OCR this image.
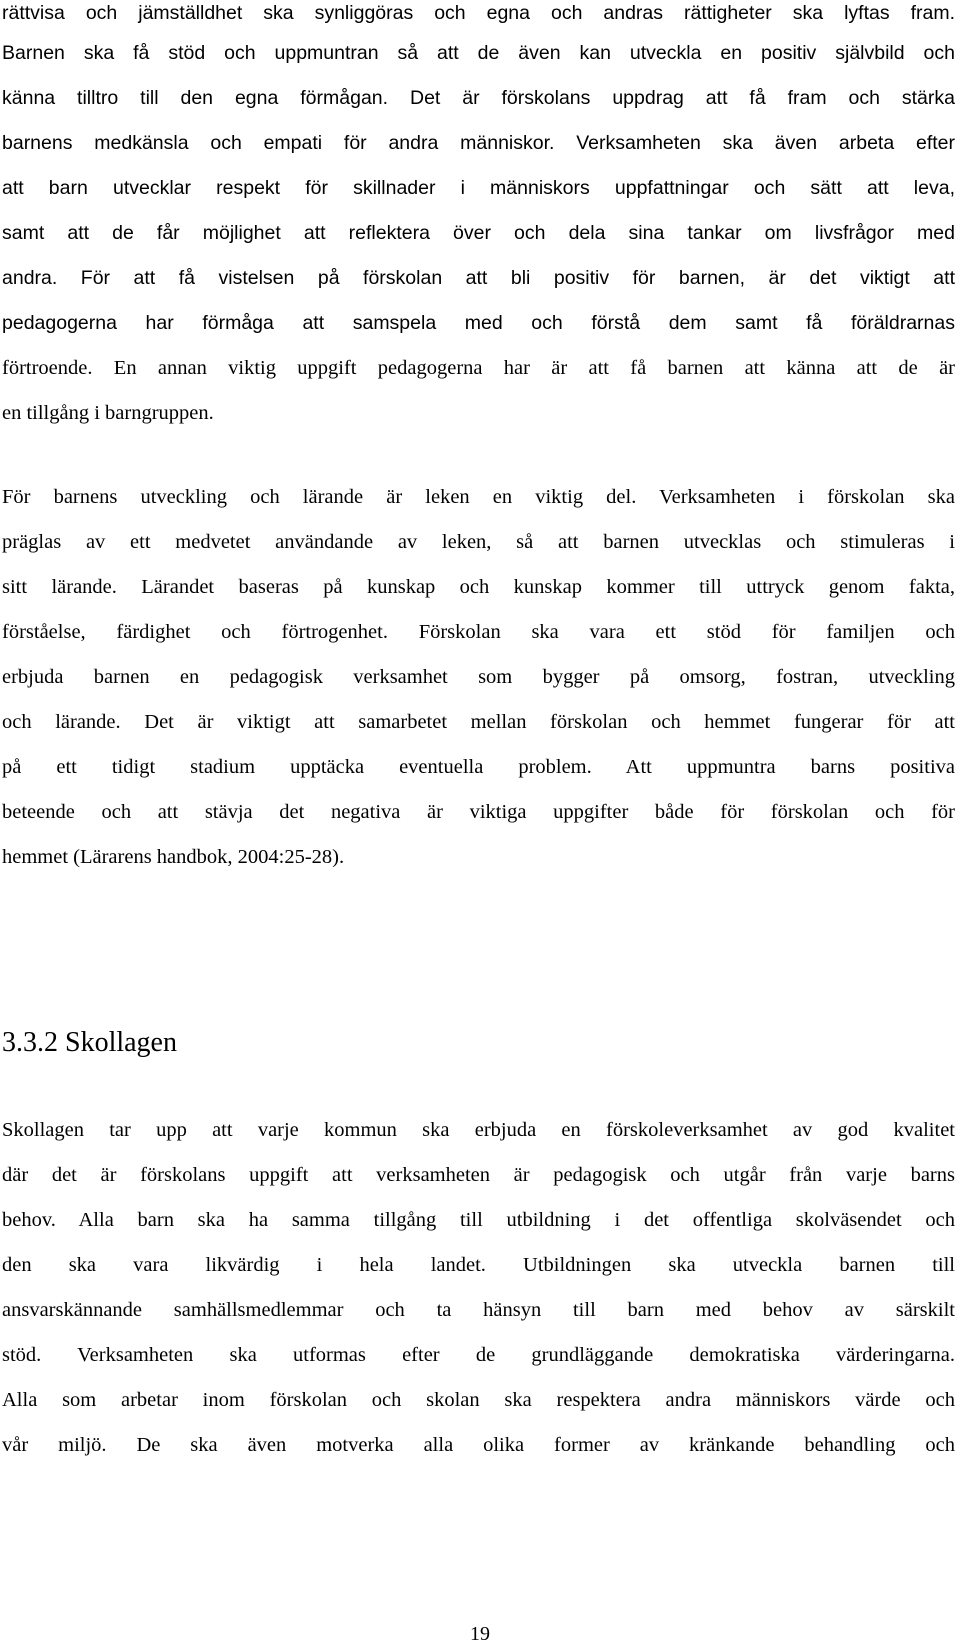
rättvisa och jämställdhet ska synliggöras och egna och andras rättigheter ska lyftas fram.
Barnen ska få stöd och uppmuntran så att de även kan utveckla en positiv självbild och
känna tilltro till den egna förmågan. Det är förskolans uppdrag att få fram och stärka
barnens medkänsla och empati för andra människor. Verksamheten ska även arbeta efter
att barn utvecklar respekt för skillnader i människors uppfattningar och sätt att leva,
samt att de får möjlighet att reflektera över och dela sina tankar om livsfrågor med
andra. För att få vistelsen på förskolan att bli positiv för barnen, är det viktigt att
pedagogerna har förmåga att samspela med och förstå dem samt få föräldrarnas
förtroende. En annan viktig uppgift pedagogerna har är att få barnen att känna att de är
en tillgång i barngruppen.
För barnens utveckling och lärande är leken en viktig del. Verksamheten i förskolan ska
präglas av ett medvetet användande av leken, så att barnen utvecklas och stimuleras i
sitt lärande. Lärandet baseras på kunskap och kunskap kommer till uttryck genom fakta,
förståelse, färdighet och förtrogenhet. Förskolan ska vara ett stöd för familjen och
erbjuda barnen en pedagogisk verksamhet som bygger på omsorg, fostran, utveckling
och lärande. Det är viktigt att samarbetet mellan förskolan och hemmet fungerar för att
på ett tidigt stadium upptäcka eventuella problem. Att uppmuntra barns positiva
beteende och att stävja det negativa är viktiga uppgifter både för förskolan och för
hemmet (Lärarens handbok, 2004:25-28).
3.3.2 Skollagen
Skollagen tar upp att varje kommun ska erbjuda en förskoleverksamhet av god kvalitet
där det är förskolans uppgift att verksamheten är pedagogisk och utgår från varje barns
behov. Alla barn ska ha samma tillgång till utbildning i det offentliga skolväsendet och
den ska vara likvärdig i hela landet. Utbildningen ska utveckla barnen till
ansvarskännande samhällsmedlemmar och ta hänsyn till barn med behov av särskilt
stöd. Verksamheten ska utformas efter de grundläggande demokratiska värderingarna.
Alla som arbetar inom förskolan och skolan ska respektera andra människors värde och
vår miljö. De ska även motverka alla olika former av kränkande behandling och
19
